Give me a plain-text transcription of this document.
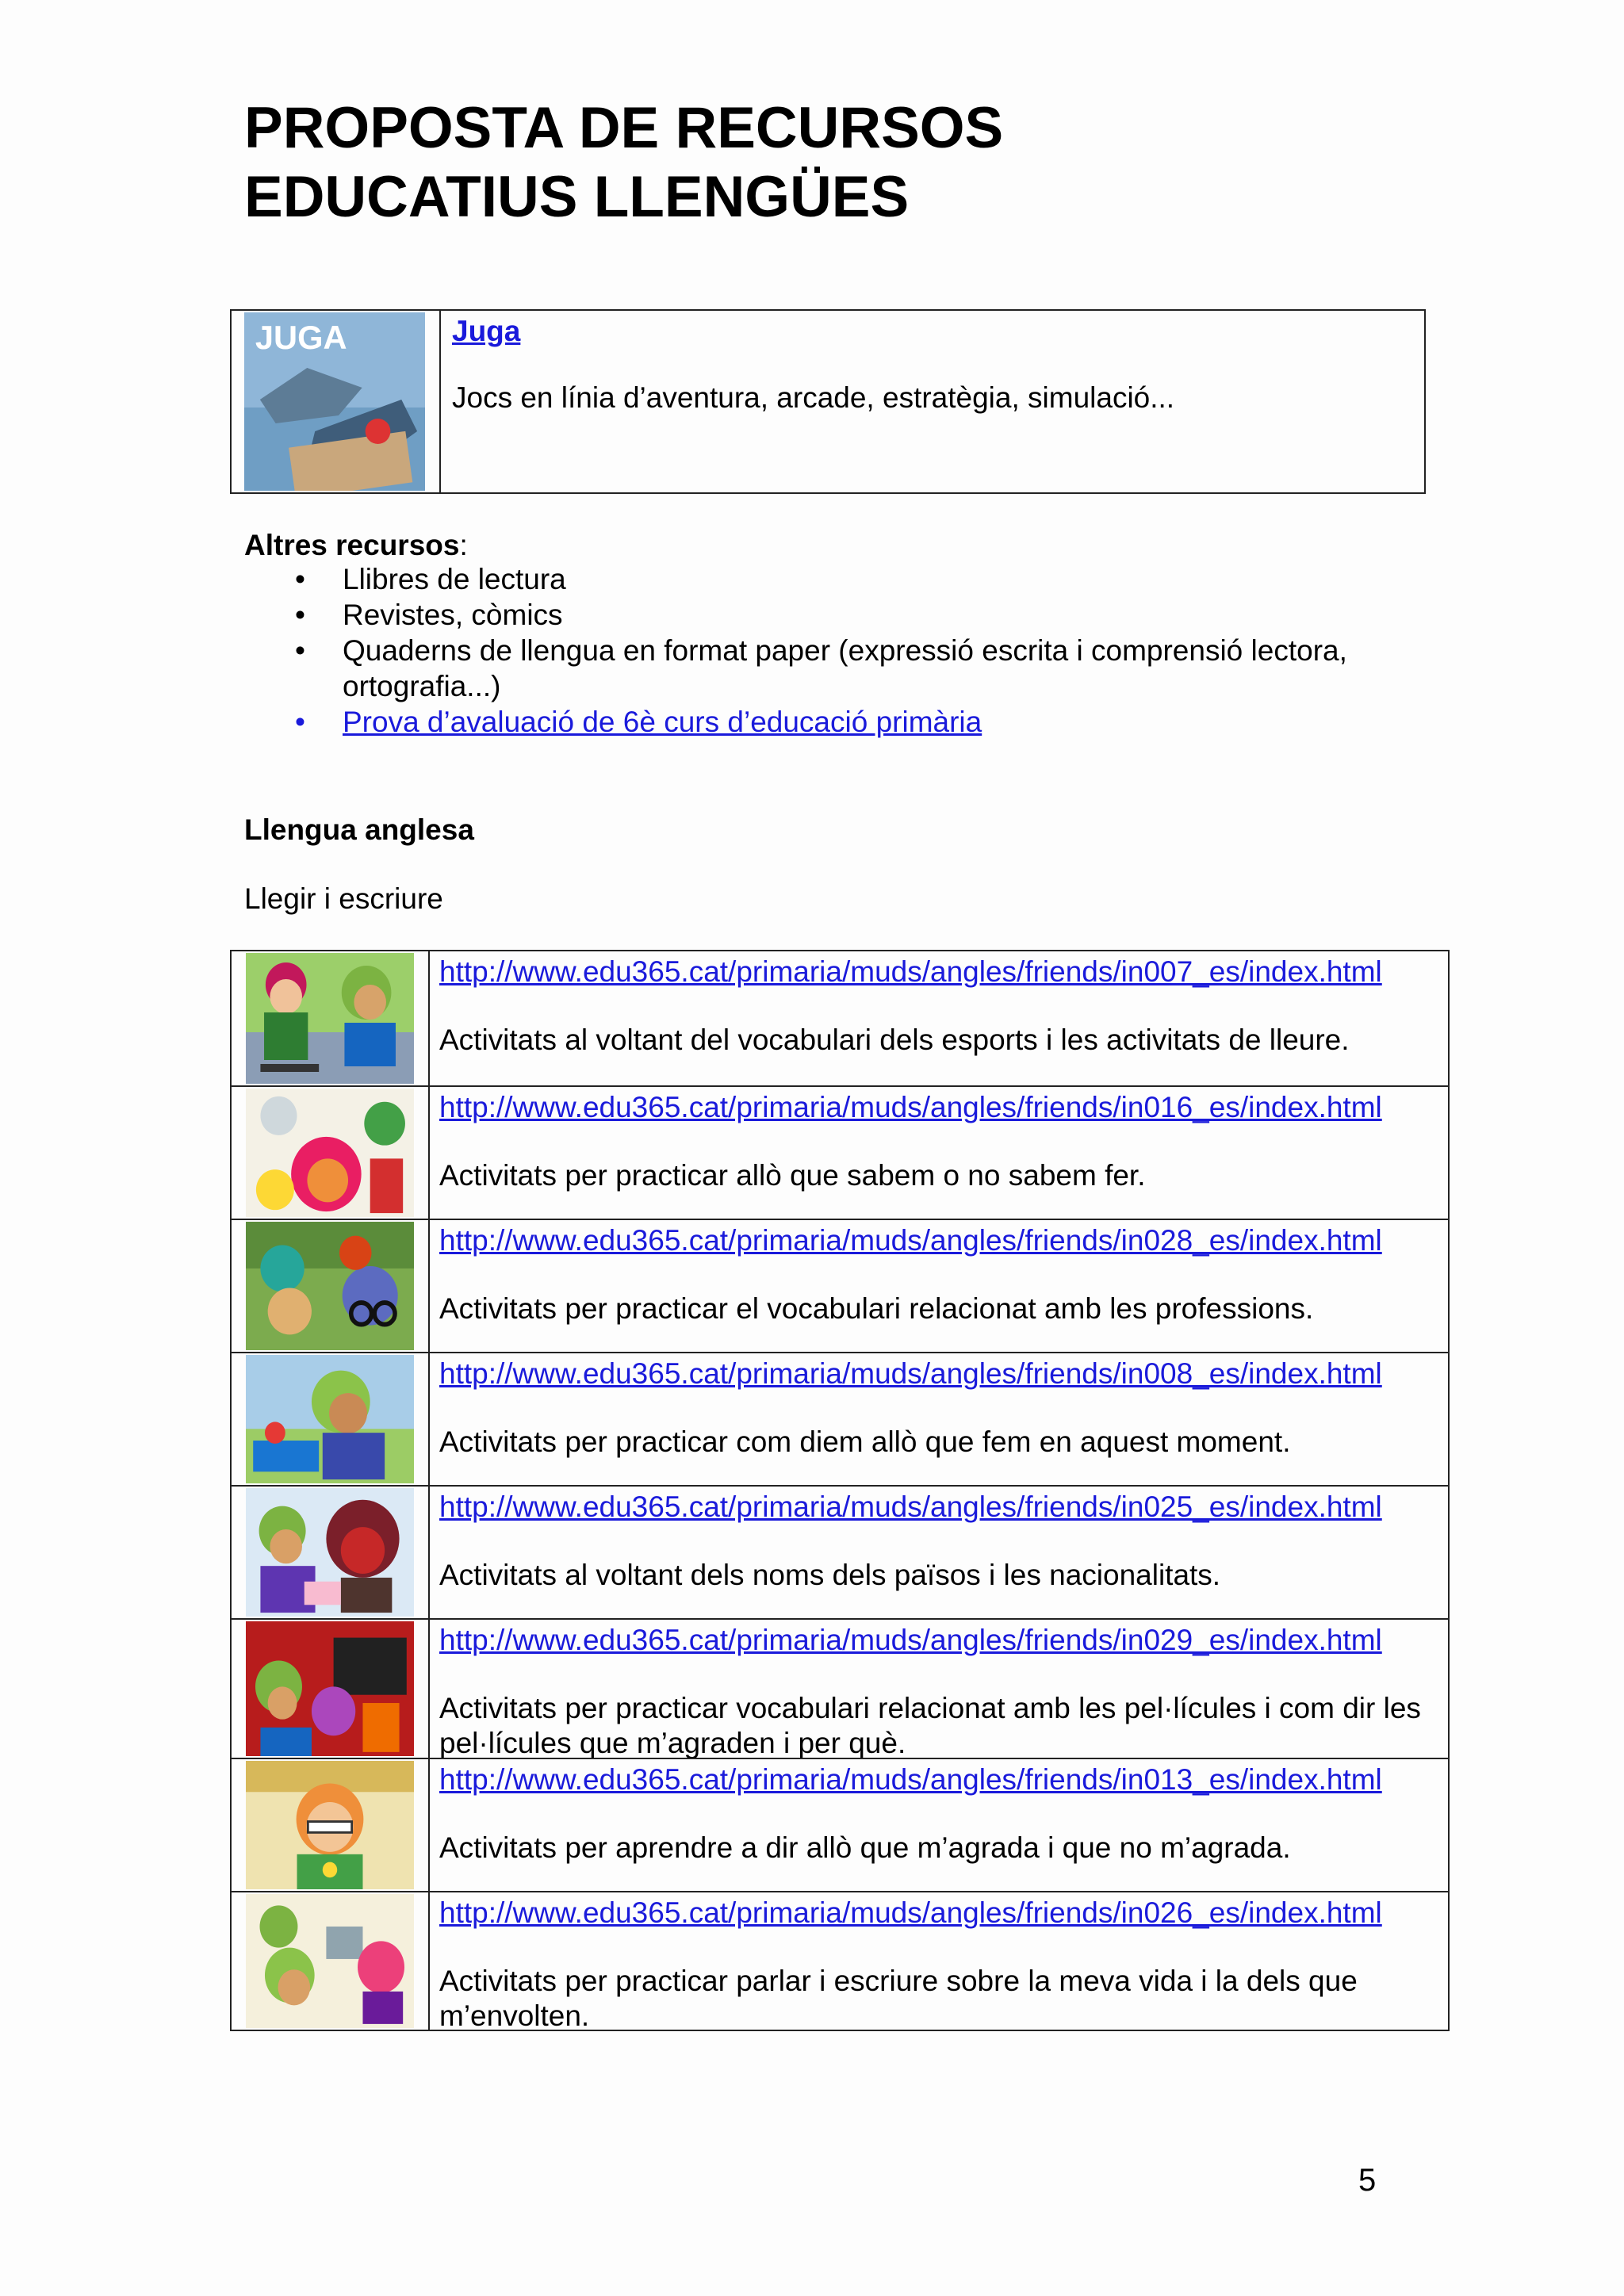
PROPOSTA DE RECURSOS
EDUCATIUS LLENGÜES
JUGA	Juga
Jocs en línia d’aventura, arcade, estratègia, simulació...
Altres recursos:
• Llibres de lectura
• Revistes, còmics
• Quaderns de llengua en format paper (expressió escrita i comprensió lectora, ortografia...)
• Prova d’avaluació de 6è curs d’educació primària
Llengua anglesa
Llegir i escriure
http://www.edu365.cat/primaria/muds/angles/friends/in007_es/index.html
Activitats al voltant del vocabulari dels esports i les activitats de lleure.
http://www.edu365.cat/primaria/muds/angles/friends/in016_es/index.html
Activitats per practicar allò que sabem o no sabem fer.
http://www.edu365.cat/primaria/muds/angles/friends/in028_es/index.html
Activitats per practicar el vocabulari relacionat amb les professions.
http://www.edu365.cat/primaria/muds/angles/friends/in008_es/index.html
Activitats per practicar com diem allò que fem en aquest moment.
http://www.edu365.cat/primaria/muds/angles/friends/in025_es/index.html
Activitats al voltant dels noms dels països i les nacionalitats.
http://www.edu365.cat/primaria/muds/angles/friends/in029_es/index.html
Activitats per practicar vocabulari relacionat amb les pel·lícules i com dir les pel·lícules que m’agraden i per què.
http://www.edu365.cat/primaria/muds/angles/friends/in013_es/index.html
Activitats per aprendre a dir allò que m’agrada i que no m’agrada.
http://www.edu365.cat/primaria/muds/angles/friends/in026_es/index.html
Activitats per practicar parlar i escriure sobre la meva vida i la dels que m’envolten.
5
